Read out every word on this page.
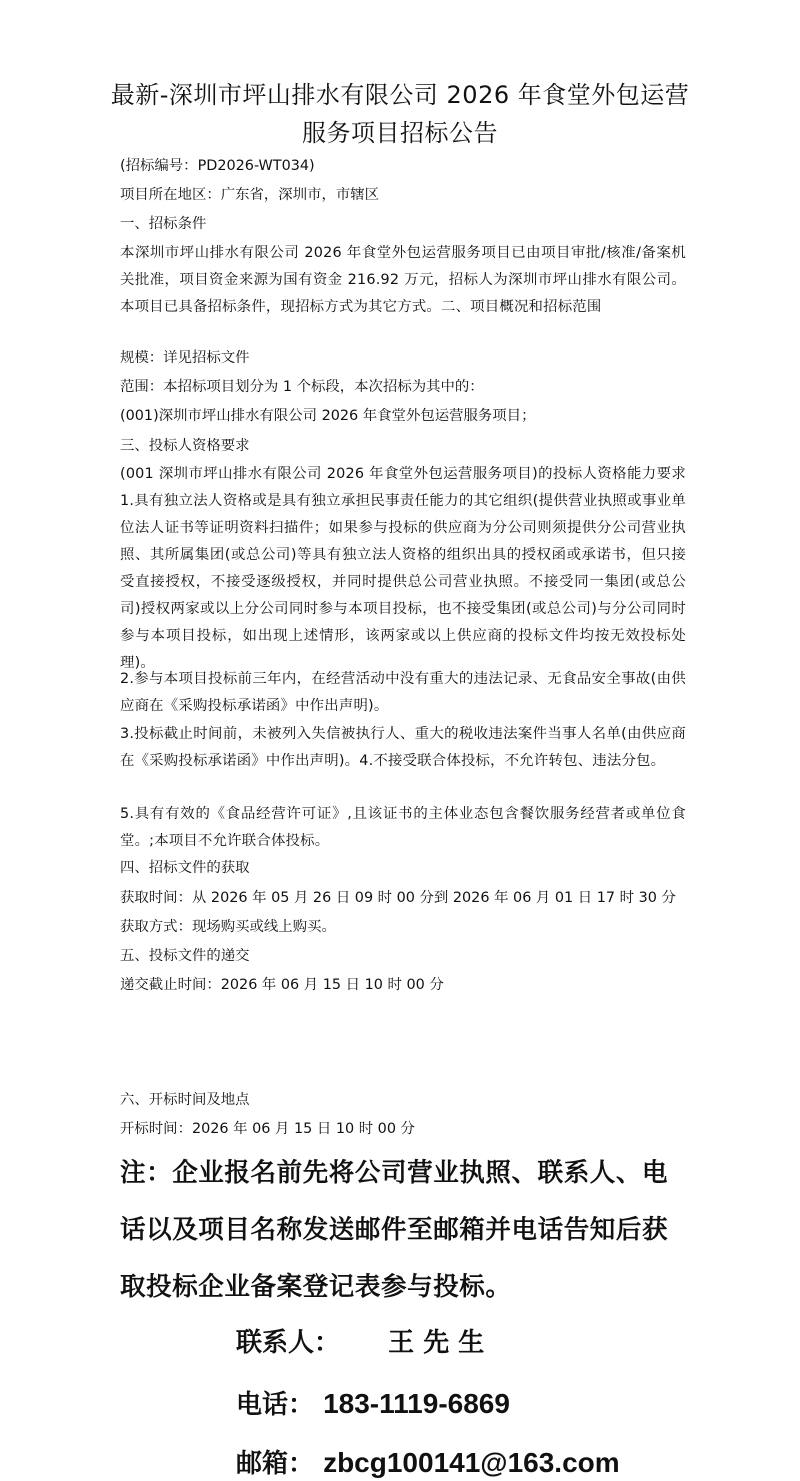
最新-深圳市坪山排水有限公司 2026 年食堂外包运营
服务项目招标公告
(招标编号：PD2026-WT034)
项目所在地区：广东省，深圳市，市辖区
一、招标条件
本深圳市坪山排水有限公司 2026 年食堂外包运营服务项目已由项目审批/核准/备案机关批准，项目资金来源为国有资金 216.92 万元，招标人为深圳市坪山排水有限公司。本项目已具备招标条件，现招标方式为其它方式。二、项目概况和招标范围
规模：详见招标文件
范围：本招标项目划分为 1 个标段，本次招标为其中的：
(001)深圳市坪山排水有限公司 2026 年食堂外包运营服务项目；
三、投标人资格要求
(001 深圳市坪山排水有限公司 2026 年食堂外包运营服务项目)的投标人资格能力要求 1.具有独立法人资格或是具有独立承担民事责任能力的其它组织(提供营业执照或事业单位法人证书等证明资料扫描件；如果参与投标的供应商为分公司则须提供分公司营业执照、其所属集团(或总公司)等具有独立法人资格的组织出具的授权函或承诺书，但只接受直接授权，不接受逐级授权，并同时提供总公司营业执照。不接受同一集团(或总公司)授权两家或以上分公司同时参与本项目投标，也不接受集团(或总公司)与分公司同时参与本项目投标，如出现上述情形，该两家或以上供应商的投标文件均按无效投标处理)。
2.参与本项目投标前三年内，在经营活动中没有重大的违法记录、无食品安全事故(由供应商在《采购投标承诺函》中作出声明)。
3.投标截止时间前，未被列入失信被执行人、重大的税收违法案件当事人名单(由供应商在《采购投标承诺函》中作出声明)。4.不接受联合体投标，不允许转包、违法分包。
5.具有有效的《食品经营许可证》,且该证书的主体业态包含餐饮服务经营者或单位食堂。;本项目不允许联合体投标。
四、招标文件的获取
获取时间：从 2026 年 05 月 26 日 09 时 00 分到 2026 年 06 月 01 日 17 时 30 分
获取方式：现场购买或线上购买。
五、投标文件的递交
递交截止时间：2026 年 06 月 15 日 10 时 00 分
六、开标时间及地点
开标时间：2026 年 06 月 15 日 10 时 00 分
注：企业报名前先将公司营业执照、联系人、电话以及项目名称发送邮件至邮箱并电话告知后获取投标企业备案登记表参与投标。
联系人： 王 先 生
电话： 183-1119-6869
邮箱： zbcg100141@163.com
